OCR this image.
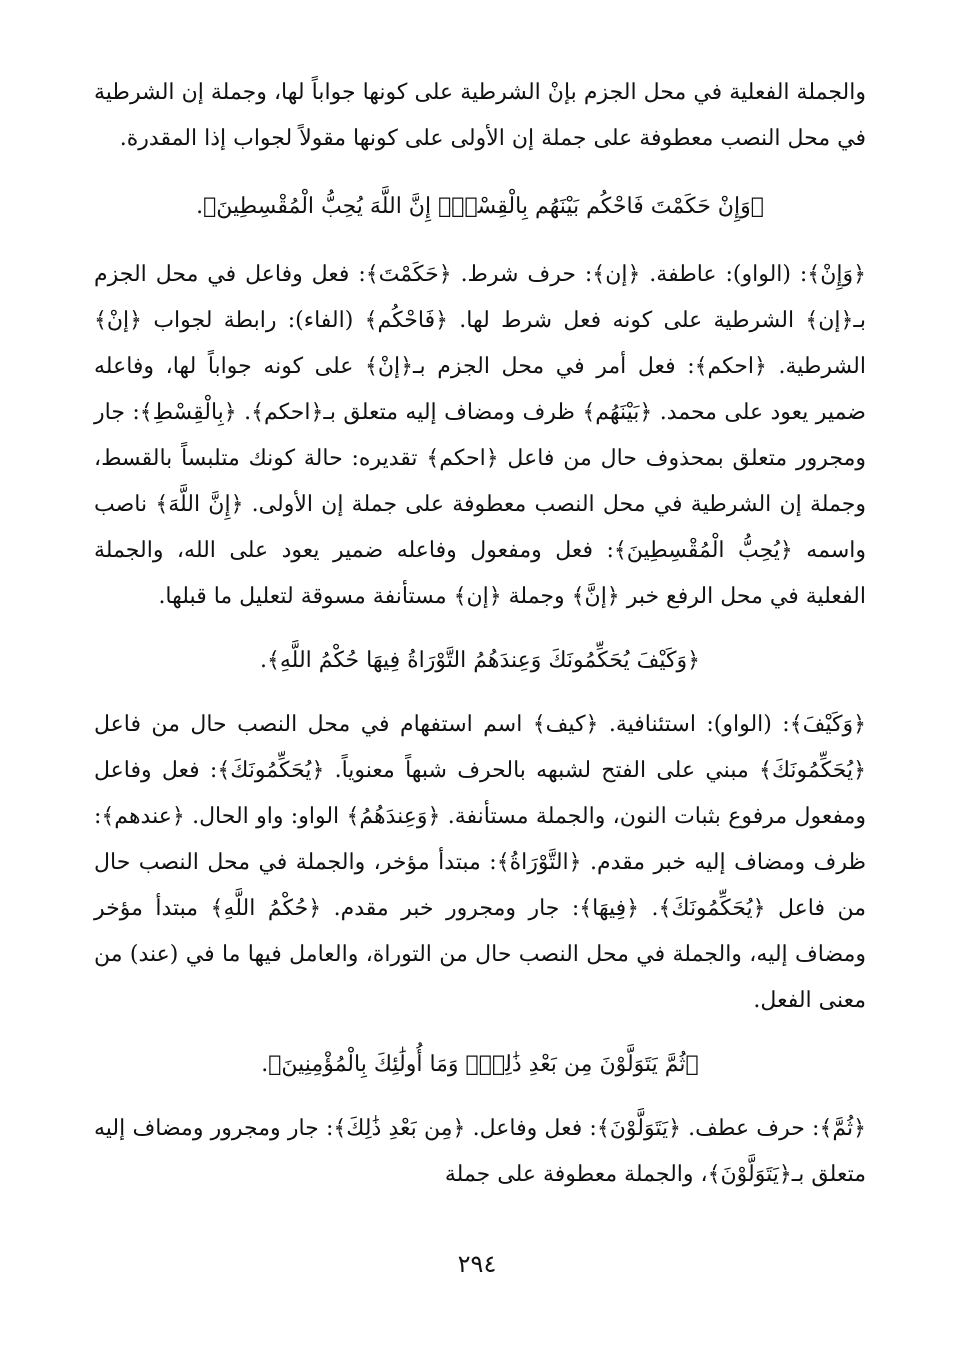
والجملة الفعلية في محل الجزم بإنْ الشرطية على كونها جواباً لها، وجملة إن الشرطية في محل النصب معطوفة على جملة إن الأولى على كونها مقولاً لجواب إذا المقدرة.

﴿وَإِنْ حَكَمْتَ فَاحْكُم بَيْنَهُم بِالْقِسْطِۚ إِنَّ اللَّهَ يُحِبُّ الْمُقْسِطِينَ﴾.

﴿وَإِنْ﴾: (الواو): عاطفة. ﴿إن﴾: حرف شرط. ﴿حَكَمْتَ﴾: فعل وفاعل في محل الجزم بـ﴿إن﴾ الشرطية على كونه فعل شرط لها. ﴿فَاحْكُم﴾ (الفاء): رابطة لجواب ﴿إنْ﴾ الشرطية. ﴿احكم﴾: فعل أمر في محل الجزم بـ﴿إنْ﴾ على كونه جواباً لها، وفاعله ضمير يعود على محمد. ﴿بَيْنَهُم﴾ ظرف ومضاف إليه متعلق بـ﴿احكم﴾. ﴿بِالْقِسْطِ﴾: جار ومجرور متعلق بمحذوف حال من فاعل ﴿احكم﴾ تقديره: حالة كونك متلبساً بالقسط، وجملة إن الشرطية في محل النصب معطوفة على جملة إن الأولى. ﴿إِنَّ اللَّهَ﴾ ناصب واسمه ﴿يُحِبُّ الْمُقْسِطِينَ﴾: فعل ومفعول وفاعله ضمير يعود على الله، والجملة الفعلية في محل الرفع خبر ﴿إنَّ﴾ وجملة ﴿إن﴾ مستأنفة مسوقة لتعليل ما قبلها.

﴿وَكَيْفَ يُحَكِّمُونَكَ وَعِندَهُمُ التَّوْرَاةُ فِيهَا حُكْمُ اللَّهِ﴾.

﴿وَكَيْفَ﴾: (الواو): استئنافية. ﴿كيف﴾ اسم استفهام في محل النصب حال من فاعل ﴿يُحَكِّمُونَكَ﴾ مبني على الفتح لشبهه بالحرف شبهاً معنوياً. ﴿يُحَكِّمُونَكَ﴾: فعل وفاعل ومفعول مرفوع بثبات النون، والجملة مستأنفة. ﴿وَعِندَهُمُ﴾ الواو: واو الحال. ﴿عندهم﴾: ظرف ومضاف إليه خبر مقدم. ﴿التَّوْرَاةُ﴾: مبتدأ مؤخر، والجملة في محل النصب حال من فاعل ﴿يُحَكِّمُونَكَ﴾. ﴿فِيهَا﴾: جار ومجرور خبر مقدم. ﴿حُكْمُ اللَّهِ﴾ مبتدأ مؤخر ومضاف إليه، والجملة في محل النصب حال من التوراة، والعامل فيها ما في (عند) من معنى الفعل.

﴿ثُمَّ يَتَوَلَّوْنَ مِن بَعْدِ ذَٰلِكَۚ وَمَا أُولَٰئِكَ بِالْمُؤْمِنِينَ﴾.

﴿ثُمَّ﴾: حرف عطف. ﴿يَتَوَلَّوْنَ﴾: فعل وفاعل. ﴿مِن بَعْدِ ذَٰلِكَ﴾: جار ومجرور ومضاف إليه متعلق بـ﴿يَتَوَلَّوْنَ﴾، والجملة معطوفة على جملة

٢٩٤
